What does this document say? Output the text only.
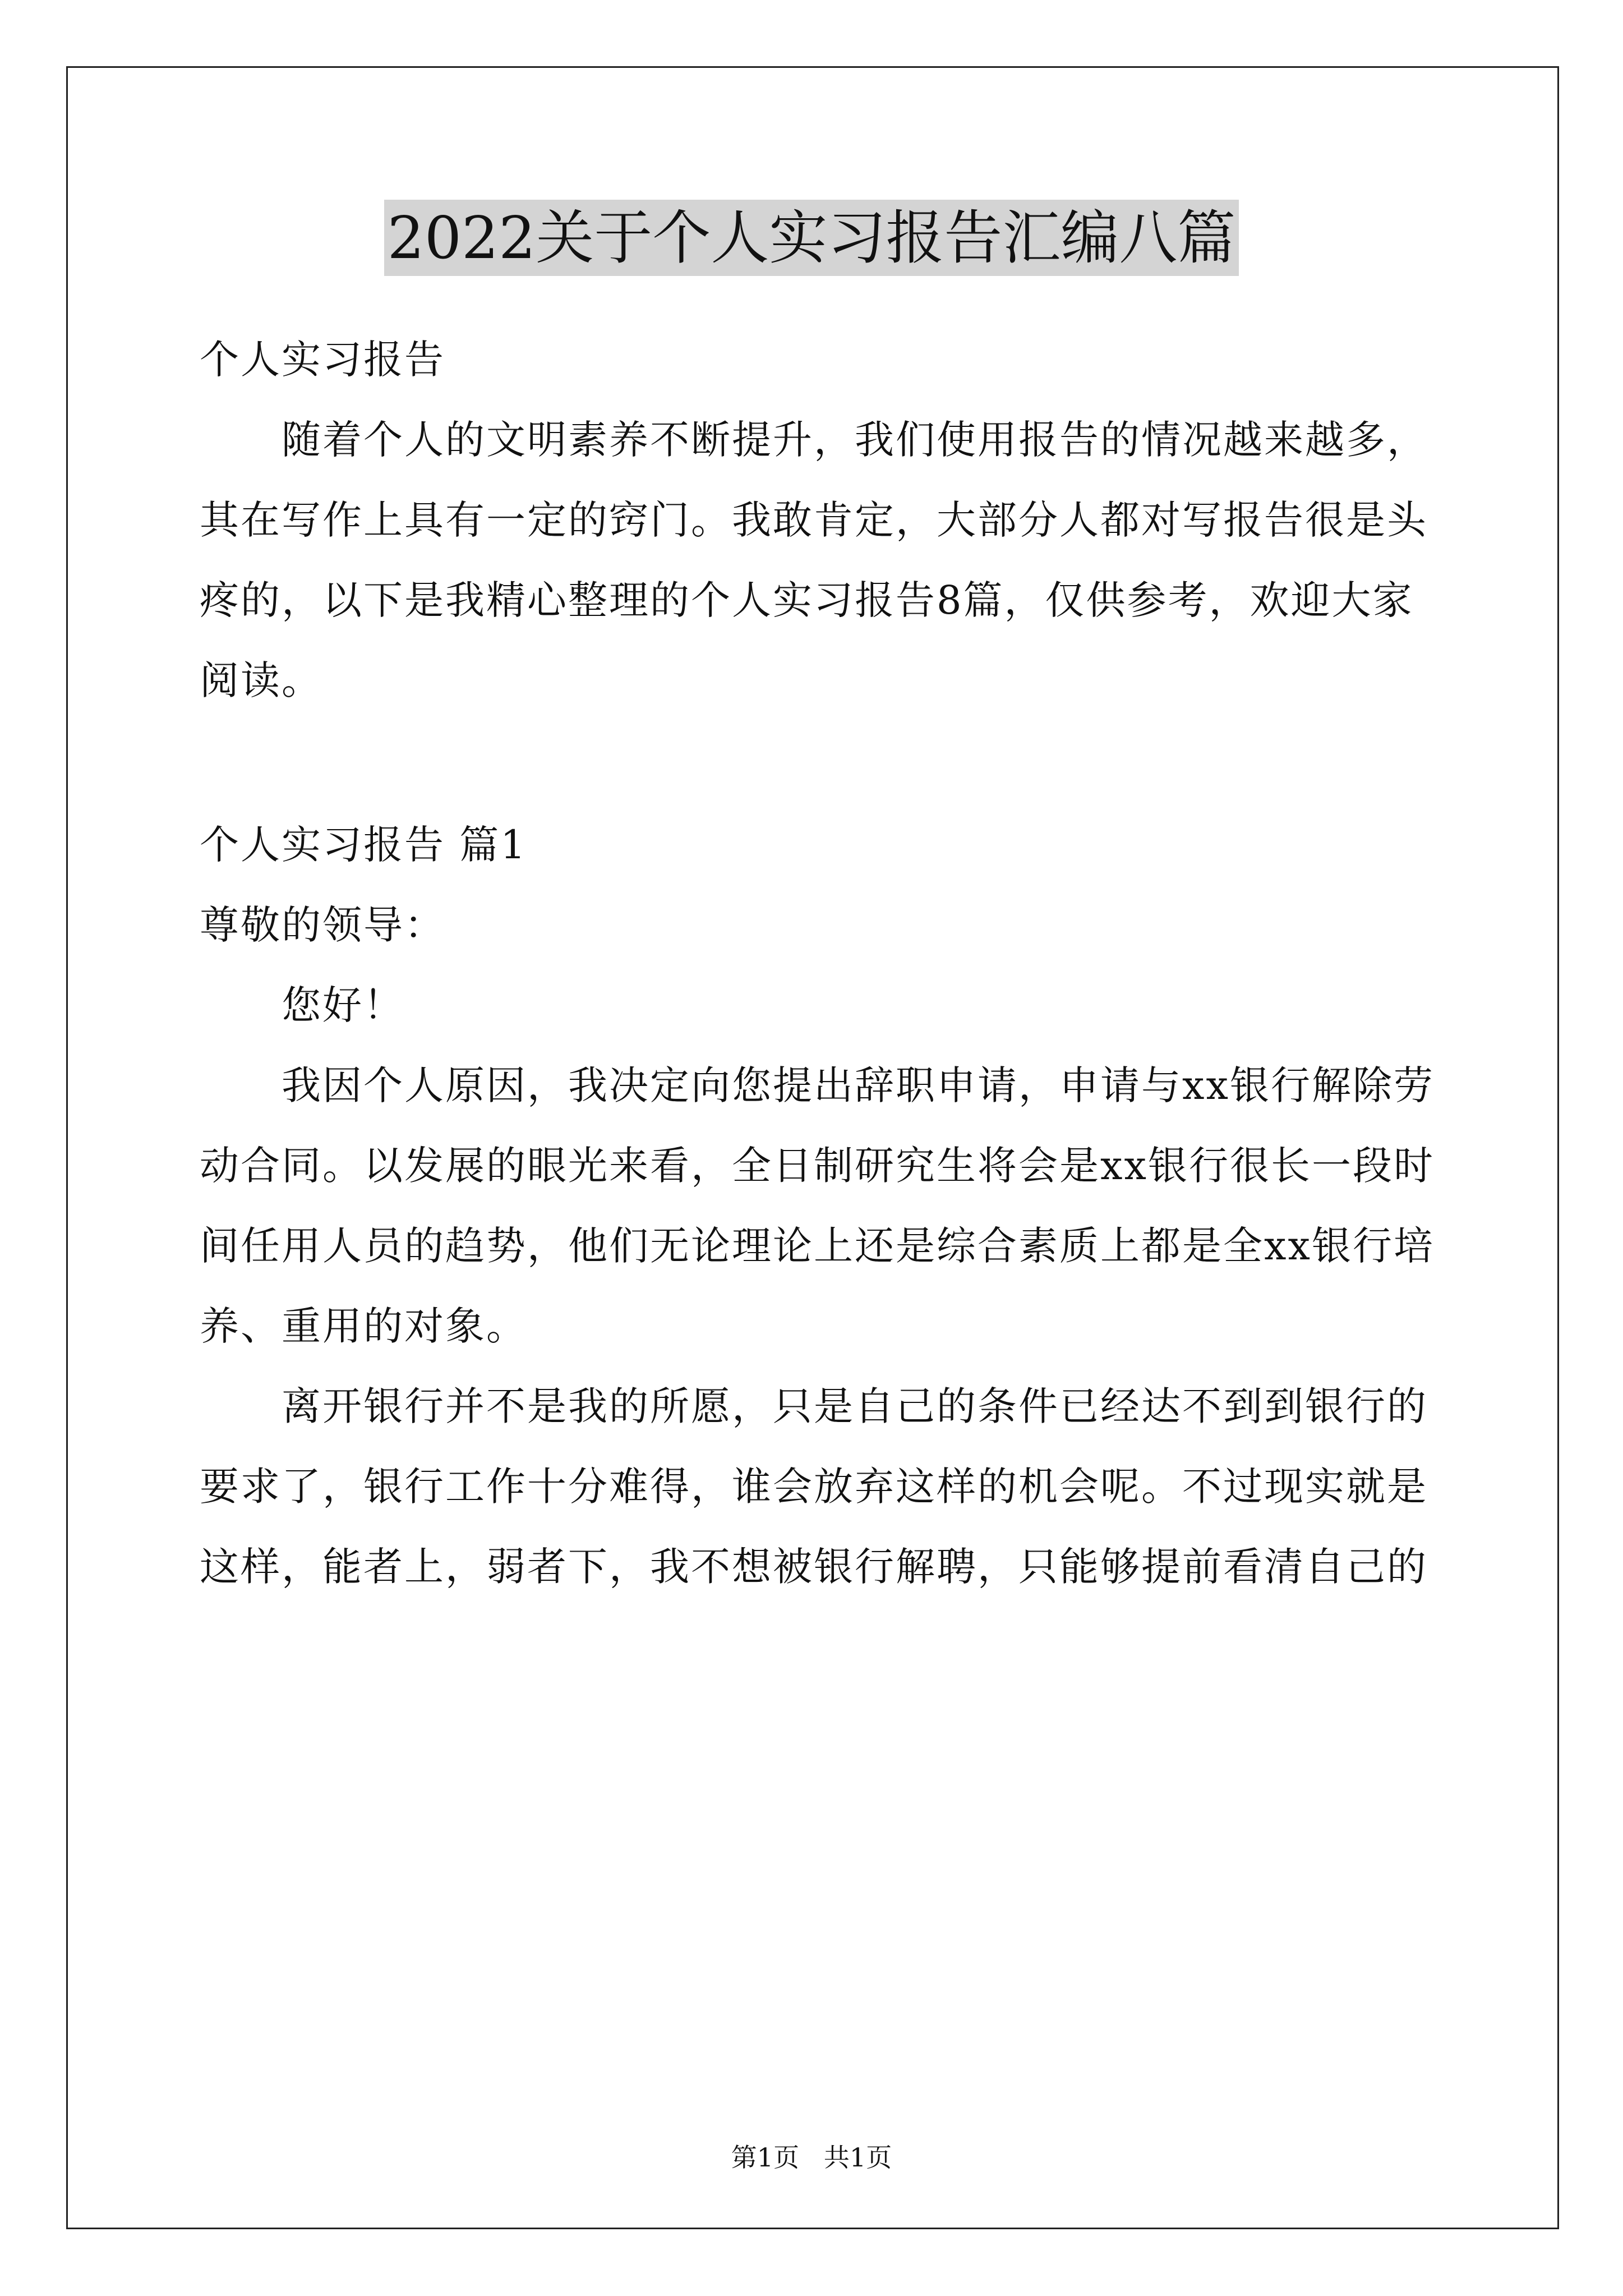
2022关于个人实习报告汇编八篇

个人实习报告

随着个人的文明素养不断提升，我们使用报告的情况越来越多，

其在写作上具有一定的窍门。我敢肯定，大部分人都对写报告很是头

疼的，以下是我精心整理的个人实习报告8篇，仅供参考，欢迎大家

阅读。

个人实习报告 篇1

尊敬的领导：

您好！

我因个人原因，我决定向您提出辞职申请，申请与xx银行解除劳

动合同。以发展的眼光来看，全日制研究生将会是xx银行很长一段时

间任用人员的趋势，他们无论理论上还是综合素质上都是全xx银行培

养、重用的对象。

离开银行并不是我的所愿，只是自己的条件已经达不到到银行的

要求了，银行工作十分难得，谁会放弃这样的机会呢。不过现实就是

这样，能者上，弱者下，我不想被银行解聘，只能够提前看清自己的

第1页   共1页
